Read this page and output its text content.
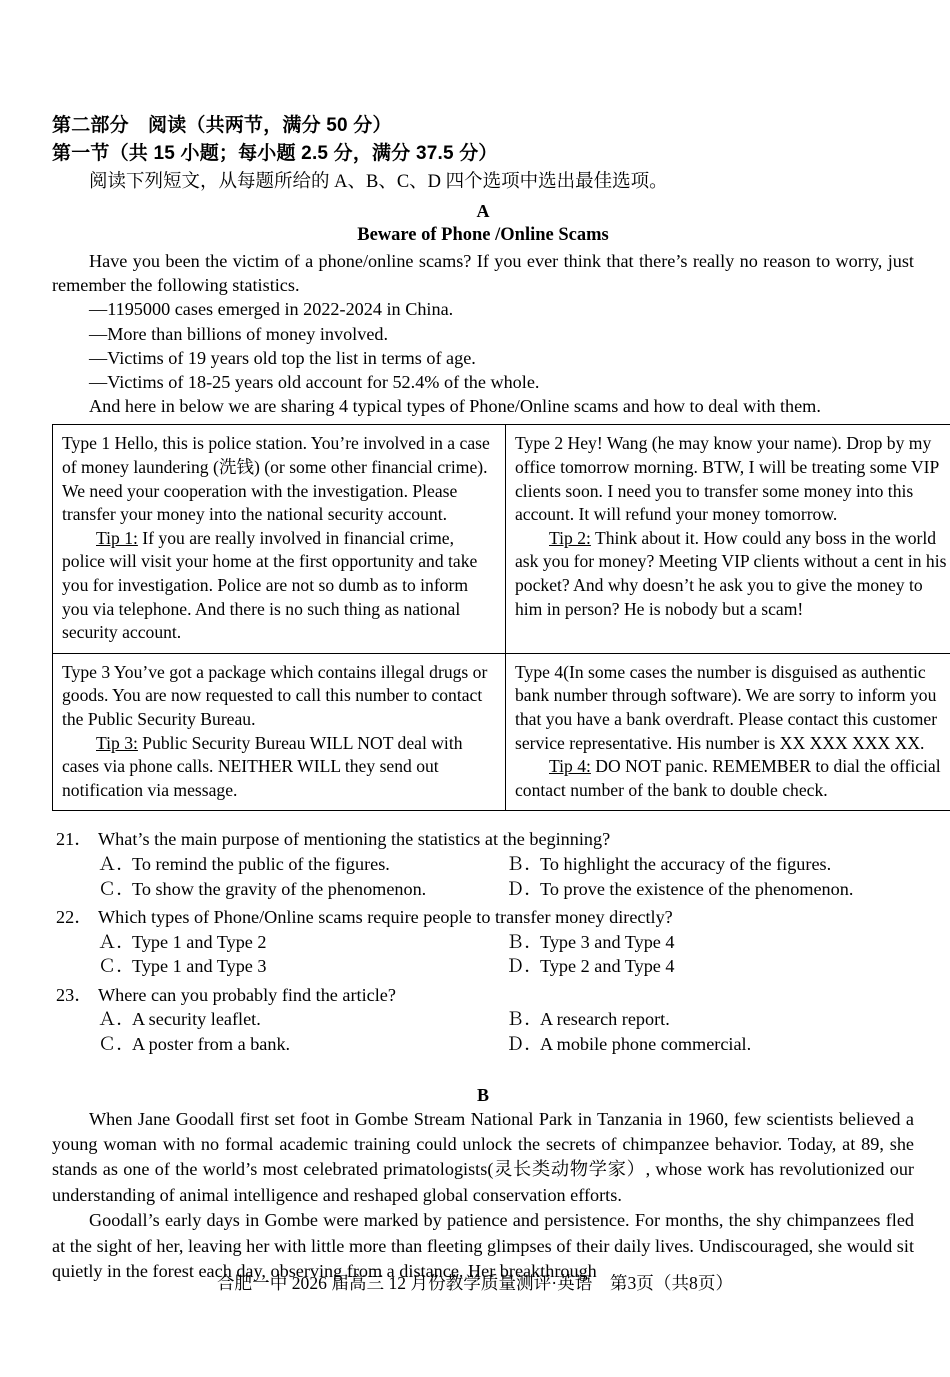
第二部分　阅读（共两节，满分 50 分）

第一节（共 15 小题；每小题 2.5 分，满分 37.5 分）

阅读下列短文，从每题所给的 A、B、C、D 四个选项中选出最佳选项。

A

Beware of Phone /Online Scams

Have you been the victim of a phone/online scams? If you ever think that there’s really no reason to worry, just remember the following statistics.

—1195000 cases emerged in 2022-2024 in China.

—More than billions of money involved.

—Victims of 19 years old top the list in terms of age.

—Victims of 18-25 years old account for 52.4% of the whole.

And here in below we are sharing 4 typical types of Phone/Online scams and how to deal with them.

Type 1 Hello, this is police station. You’re involved in a case of money laundering (洗钱) (or some other financial crime). We need your cooperation with the investigation. Please transfer your money into the national security account.
Tip 1: If you are really involved in financial crime, police will visit your home at the first opportunity and take you for investigation. Police are not so dumb as to inform you via telephone. And there is no such thing as national security account.

Type 2 Hey! Wang (he may know your name). Drop by my office tomorrow morning. BTW, I will be treating some VIP clients soon. I need you to transfer some money into this account. It will refund your money tomorrow.
Tip 2: Think about it. How could any boss in the world ask you for money? Meeting VIP clients without a cent in his pocket? And why doesn’t he ask you to give the money to him in person? He is nobody but a scam!

Type 3 You’ve got a package which contains illegal drugs or goods. You are now requested to call this number to contact the Public Security Bureau.
Tip 3: Public Security Bureau WILL NOT deal with cases via phone calls. NEITHER WILL they send out notification via message.

Type 4(In some cases the number is disguised as authentic bank number through software). We are sorry to inform you that you have a bank overdraft. Please contact this customer service representative. His number is XX XXX XXX XX.
Tip 4: DO NOT panic. REMEMBER to dial the official contact number of the bank to double check.
21． What’s the main purpose of mentioning the statistics at the beginning?
Ａ．To remind the public of the figures.	Ｂ．To highlight the accuracy of the figures.
Ｃ．To show the gravity of the phenomenon.	Ｄ．To prove the existence of the phenomenon.
22． Which types of Phone/Online scams require people to transfer money directly?
Ａ．Type 1 and Type 2	Ｂ．Type 3 and Type 4
Ｃ．Type 1 and Type 3	Ｄ．Type 2 and Type 4
23． Where can you probably find the article?
Ａ．A security leaflet.	Ｂ．A research report.
Ｃ．A poster from a bank.	Ｄ．A mobile phone commercial.

B

When Jane Goodall first set foot in Gombe Stream National Park in Tanzania in 1960, few scientists believed a young woman with no formal academic training could unlock the secrets of chimpanzee behavior. Today, at 89, she stands as one of the world’s most celebrated primatologists(灵长类动物学家）, whose work has revolutionized our understanding of animal intelligence and reshaped global conservation efforts.

Goodall’s early days in Gombe were marked by patience and persistence. For months, the shy chimpanzees fled at the sight of her, leaving her with little more than fleeting glimpses of their daily lives. Undiscouraged, she would sit quietly in the forest each day, observing from a distance. Her breakthrough

合肥一中 2026 届高三 12 月份教学质量测评·英语　第3页（共8页）
